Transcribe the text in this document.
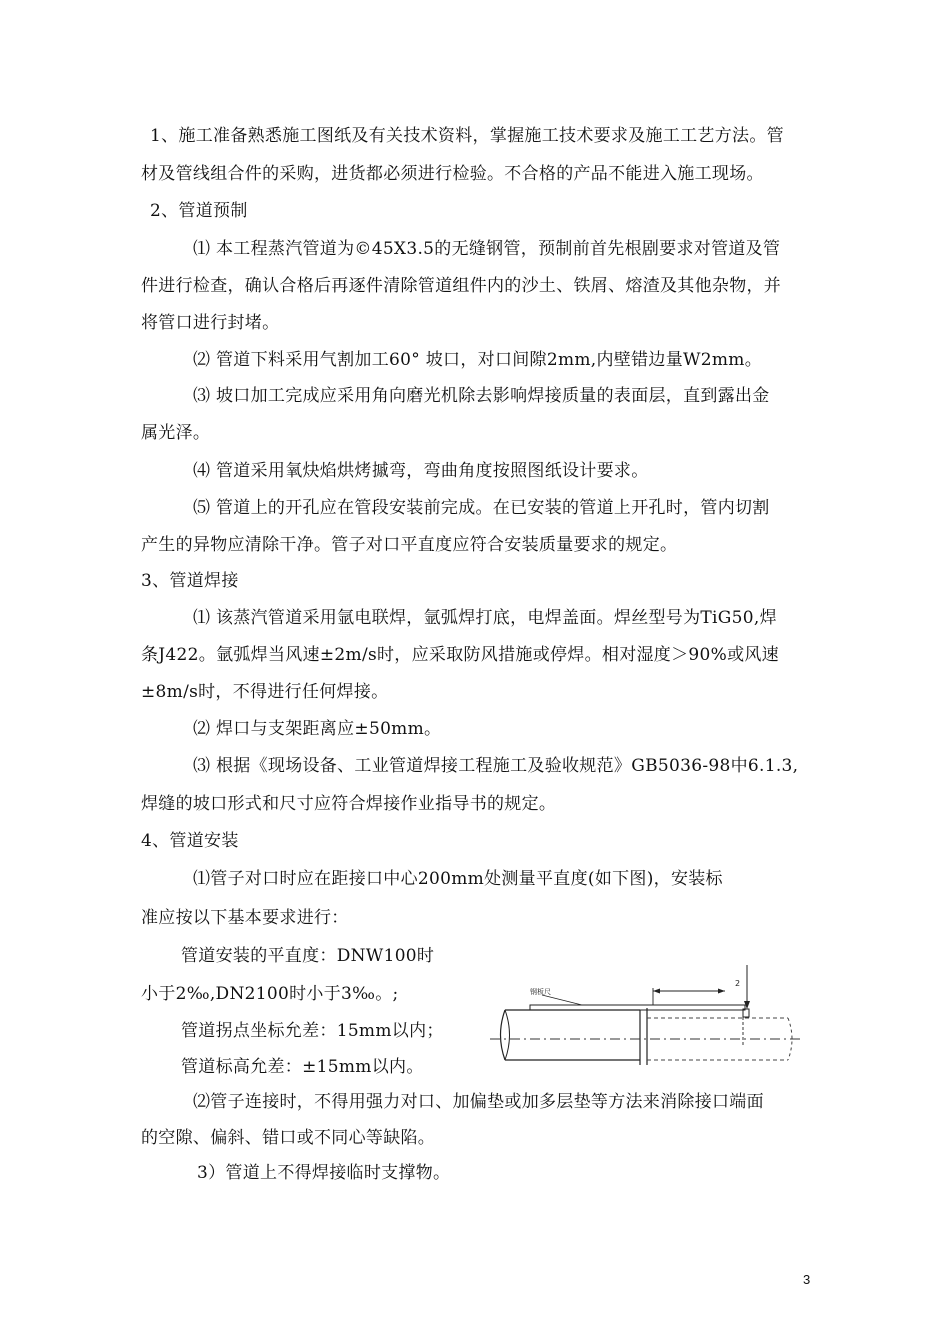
1、施工准备熟悉施工图纸及有关技术资料，掌握施工技术要求及施工工艺方法。管
材及管线组合件的采购，进货都必须进行检验。不合格的产品不能进入施工现场。
2、管道预制
⑴ 本工程蒸汽管道为©45X3.5的无缝钢管，预制前首先根剧要求对管道及管
件进行检查，确认合格后再逐件清除管道组件内的沙土、铁屑、熔渣及其他杂物，并
将管口进行封堵。
⑵ 管道下料采用气割加工60° 坡口，对口间隙2mm,内壁错边量W2mm。
⑶ 坡口加工完成应采用角向磨光机除去影响焊接质量的表面层，直到露出金
属光泽。
⑷ 管道采用氧炔焰烘烤摵弯，弯曲角度按照图纸设计要求。
⑸ 管道上的开孔应在管段安装前完成。在已安装的管道上开孔时，管内切割
产生的异物应清除干净。管子对口平直度应符合安装质量要求的规定。
3、管道焊接
⑴ 该蒸汽管道采用氩电联焊，氩弧焊打底，电焊盖面。焊丝型号为TiG50,焊
条J422。氩弧焊当风速±2m/s时，应采取防风措施或停焊。相对湿度＞90%或风速
±8m/s时，不得进行任何焊接。
⑵ 焊口与支架距离应±50mm。
⑶ 根据《现场设备、工业管道焊接工程施工及验收规范》GB5036-98中6.1.3,
焊缝的坡口形式和尺寸应符合焊接作业指导书的规定。
4、管道安装
⑴管子对口时应在距接口中心200mm处测量平直度(如下图)，安装标
准应按以下基本要求进行：
管道安装的平直度：DNW100时
小于2‰,DN2100时小于3‰。;
管道拐点坐标允差：15mm以内；
管道标高允差：±15mm以内。
⑵管子连接时，不得用强力对口、加偏垫或加多层垫等方法来消除接口端面
的空隙、偏斜、错口或不同心等缺陷。
3）管道上不得焊接临时支撑物。
钢板尺
2
3
